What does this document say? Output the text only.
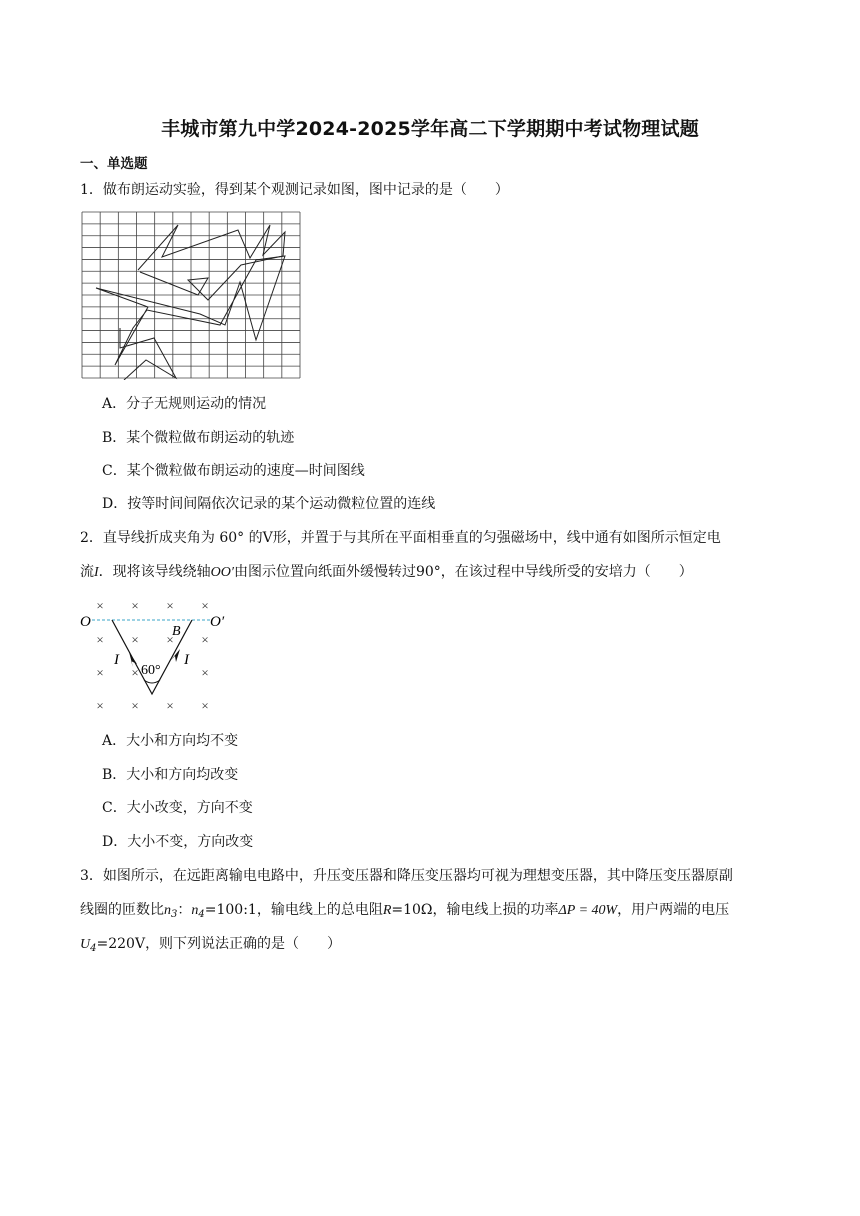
丰城市第九中学2024-2025学年高二下学期期中考试物理试题
一、单选题
1．做布朗运动实验，得到某个观测记录如图，图中记录的是（　　）
A．分子无规则运动的情况
B．某个微粒做布朗运动的轨迹
C．某个微粒做布朗运动的速度—时间图线
D．按等时间间隔依次记录的某个运动微粒位置的连线
2．直导线折成夹角为 60° 的V形，并置于与其所在平面相垂直的匀强磁场中，线中通有如图所示恒定电
流I．现将该导线绕轴OO′由图示位置向纸面外缓慢转过90°，在该过程中导线所受的安培力（　　）
× × × ×
× ×
×
× ×	×
×
× × × ×
O	O′
B
I	I
60°
A．大小和方向均不变
B．大小和方向均改变
C．大小改变，方向不变
D．大小不变，方向改变
3．如图所示，在远距离输电电路中，升压变压器和降压变压器均可视为理想变压器，其中降压变压器原副
线圈的匝数比$n_3$：$n_4=100:1$，输电线上的总电阻R=10Ω，输电线上损的功率ΔP = 40W，用户两端的电压
$U_4=220V$，则下列说法正确的是（　　）
